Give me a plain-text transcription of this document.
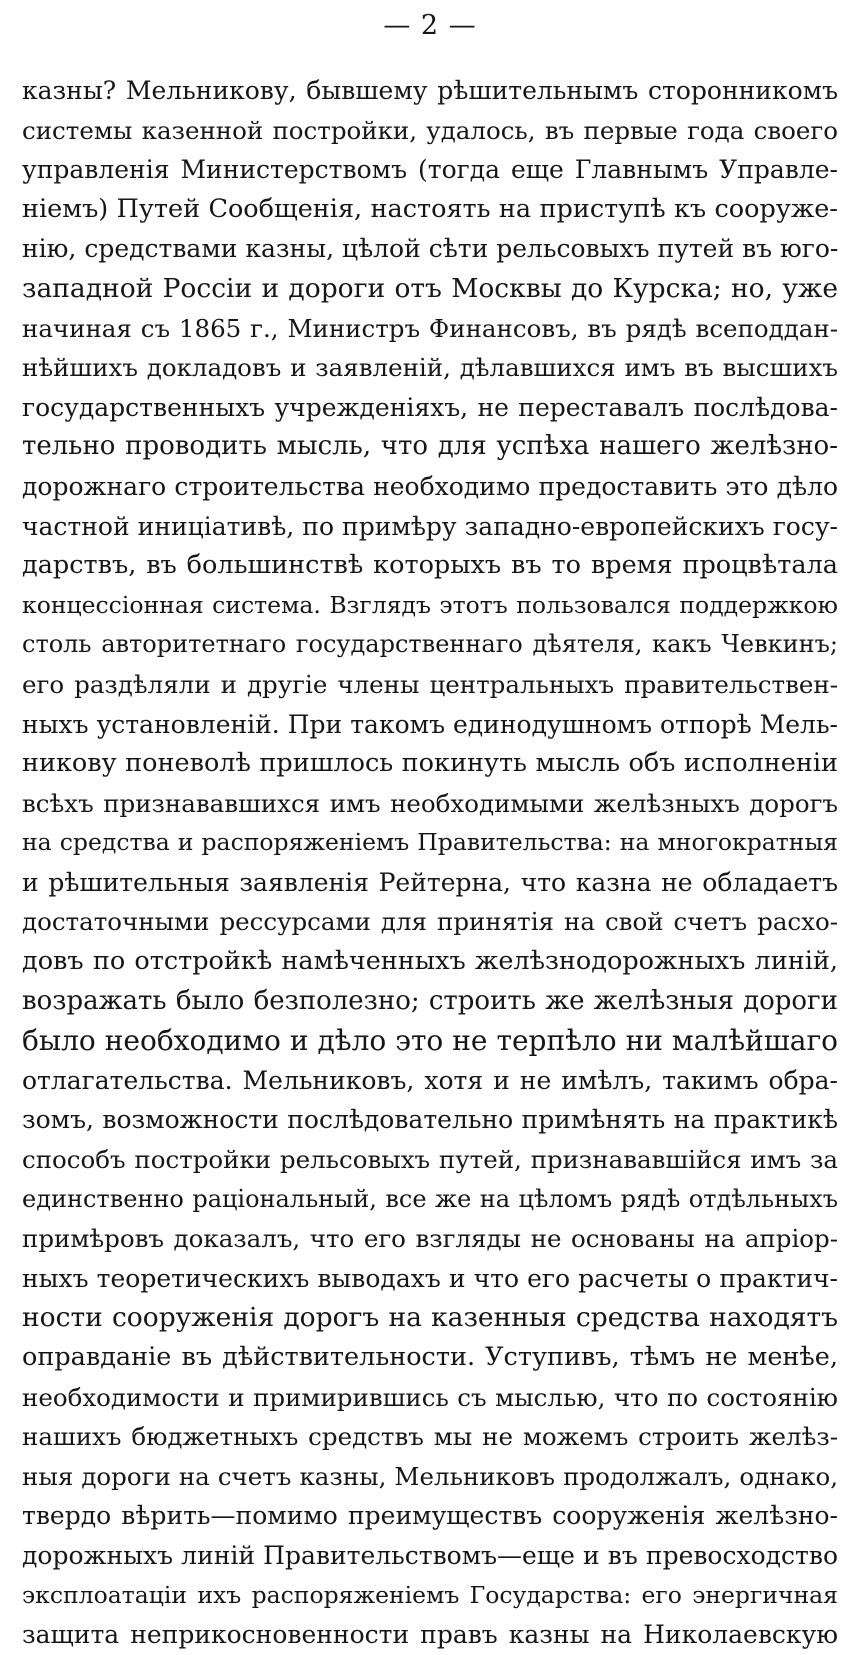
— 2 —
казны? Мельникову, бывшему рѣшительнымъ сторонникомъ
системы казенной постройки, удалось, въ первые года своего
управленія Министерствомъ (тогда еще Главнымъ Управле-
ніемъ) Путей Сообщенія, настоять на приступѣ къ сооруже-
нію, средствами казны, цѣлой сѣти рельсовыхъ путей въ юго-
западной Россіи и дороги отъ Москвы до Курска; но, уже
начиная съ 1865 г., Министръ Финансовъ, въ рядѣ всеподдан-
нѣйшихъ докладовъ и заявленій, дѣлавшихся имъ въ высшихъ
государственныхъ учрежденіяхъ, не переставалъ послѣдова-
тельно проводить мысль, что для успѣха нашего желѣзно-
дорожнаго строительства необходимо предоставить это дѣло
частной иниціативѣ, по примѣру западно-европейскихъ госу-
дарствъ, въ большинствѣ которыхъ въ то время процвѣтала
концессіонная система. Взглядъ этотъ пользовался поддержкою
столь авторитетнаго государственнаго дѣятеля, какъ Чевкинъ;
его раздѣляли и другіе члены центральныхъ правительствен-
ныхъ установленій. При такомъ единодушномъ отпорѣ Мель-
никову поневолѣ пришлось покинуть мысль объ исполненіи
всѣхъ признававшихся имъ необходимыми желѣзныхъ дорогъ
на средства и распоряженіемъ Правительства: на многократныя
и рѣшительныя заявленія Рейтерна, что казна не обладаетъ
достаточными рессурсами для принятія на свой счетъ расхо-
довъ по отстройкѣ намѣченныхъ желѣзнодорожныхъ линій,
возражать было безполезно; строить же желѣзныя дороги
было необходимо и дѣло это не терпѣло ни малѣйшаго
отлагательства. Мельниковъ, хотя и не имѣлъ, такимъ обра-
зомъ, возможности послѣдовательно примѣнять на практикѣ
способъ постройки рельсовыхъ путей, признававшійся имъ за
единственно раціональный, все же на цѣломъ рядѣ отдѣльныхъ
примѣровъ доказалъ, что его взгляды не основаны на апріор-
ныхъ теоретическихъ выводахъ и что его расчеты о практич-
ности сооруженія дорогъ на казенныя средства находятъ
оправданіе въ дѣйствительности. Уступивъ, тѣмъ не менѣе,
необходимости и примирившись съ мыслью, что по состоянію
нашихъ бюджетныхъ средствъ мы не можемъ строить желѣз-
ныя дороги на счетъ казны, Мельниковъ продолжалъ, однако,
твердо вѣрить—помимо преимуществъ сооруженія желѣзно-
дорожныхъ линій Правительствомъ—еще и въ превосходство
эксплоатаціи ихъ распоряженіемъ Государства: его энергичная
защита неприкосновенности правъ казны на Николаевскую
